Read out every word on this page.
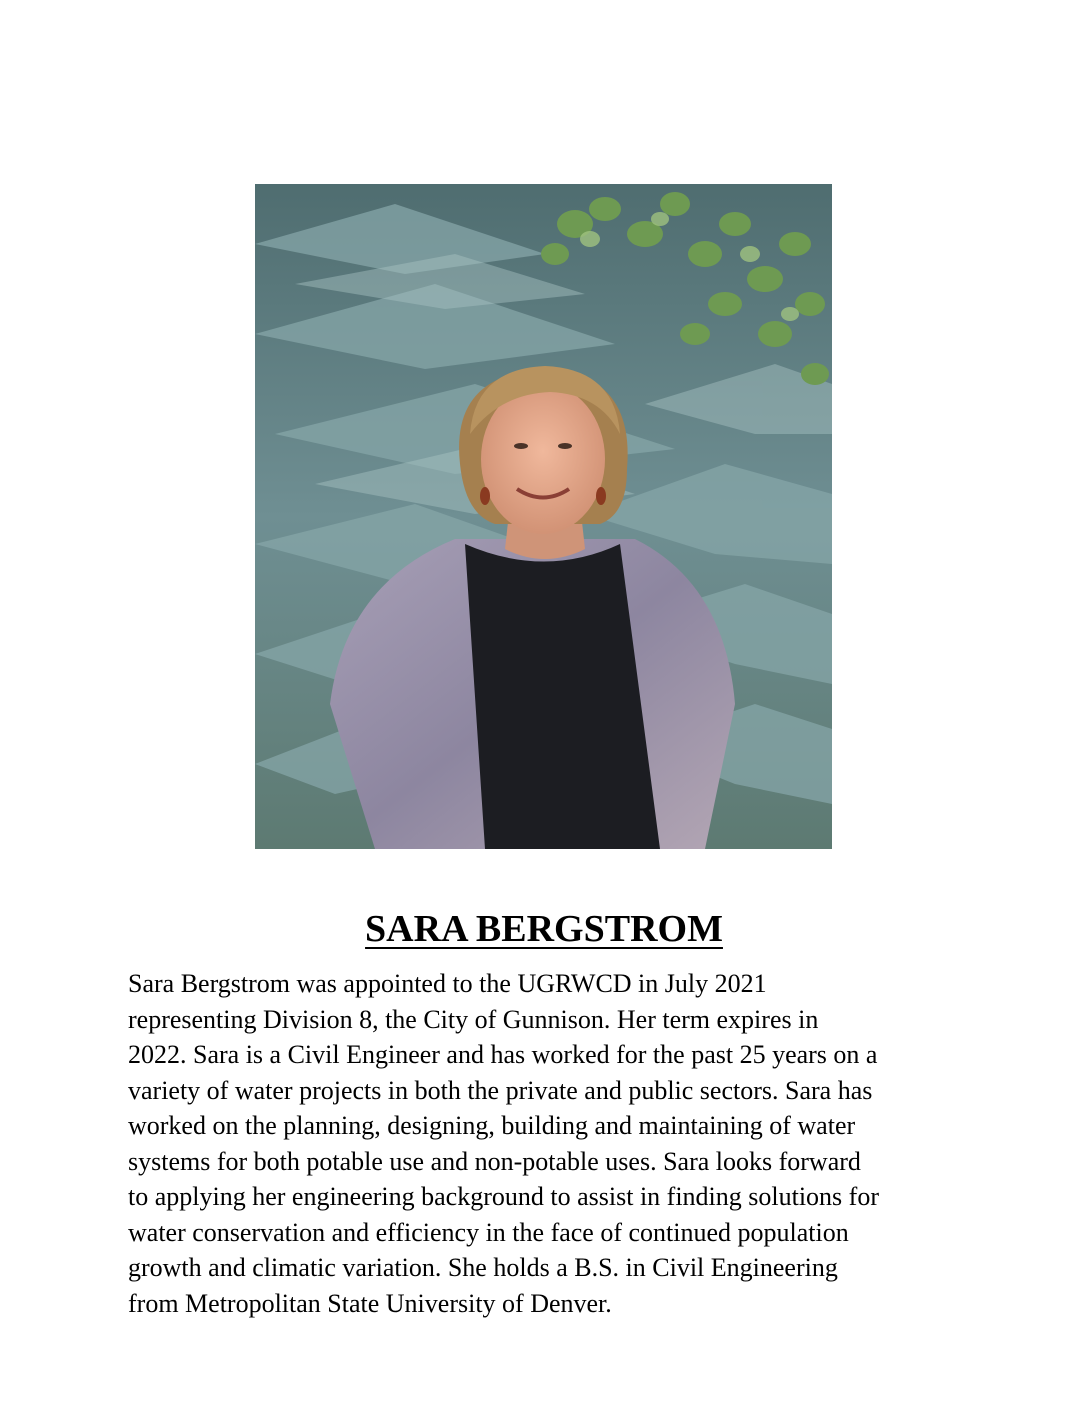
SARA BERGSTROM
Sara Bergstrom was appointed to the UGRWCD in July 2021
representing Division 8, the City of Gunnison. Her term expires in
2022. Sara is a Civil Engineer and has worked for the past 25 years on a
variety of water projects in both the private and public sectors. Sara has
worked on the planning, designing, building and maintaining of water
systems for both potable use and non-potable uses. Sara looks forward
to applying her engineering background to assist in finding solutions for
water conservation and efficiency in the face of continued population
growth and climatic variation. She holds a B.S. in Civil Engineering
from Metropolitan State University of Denver.
